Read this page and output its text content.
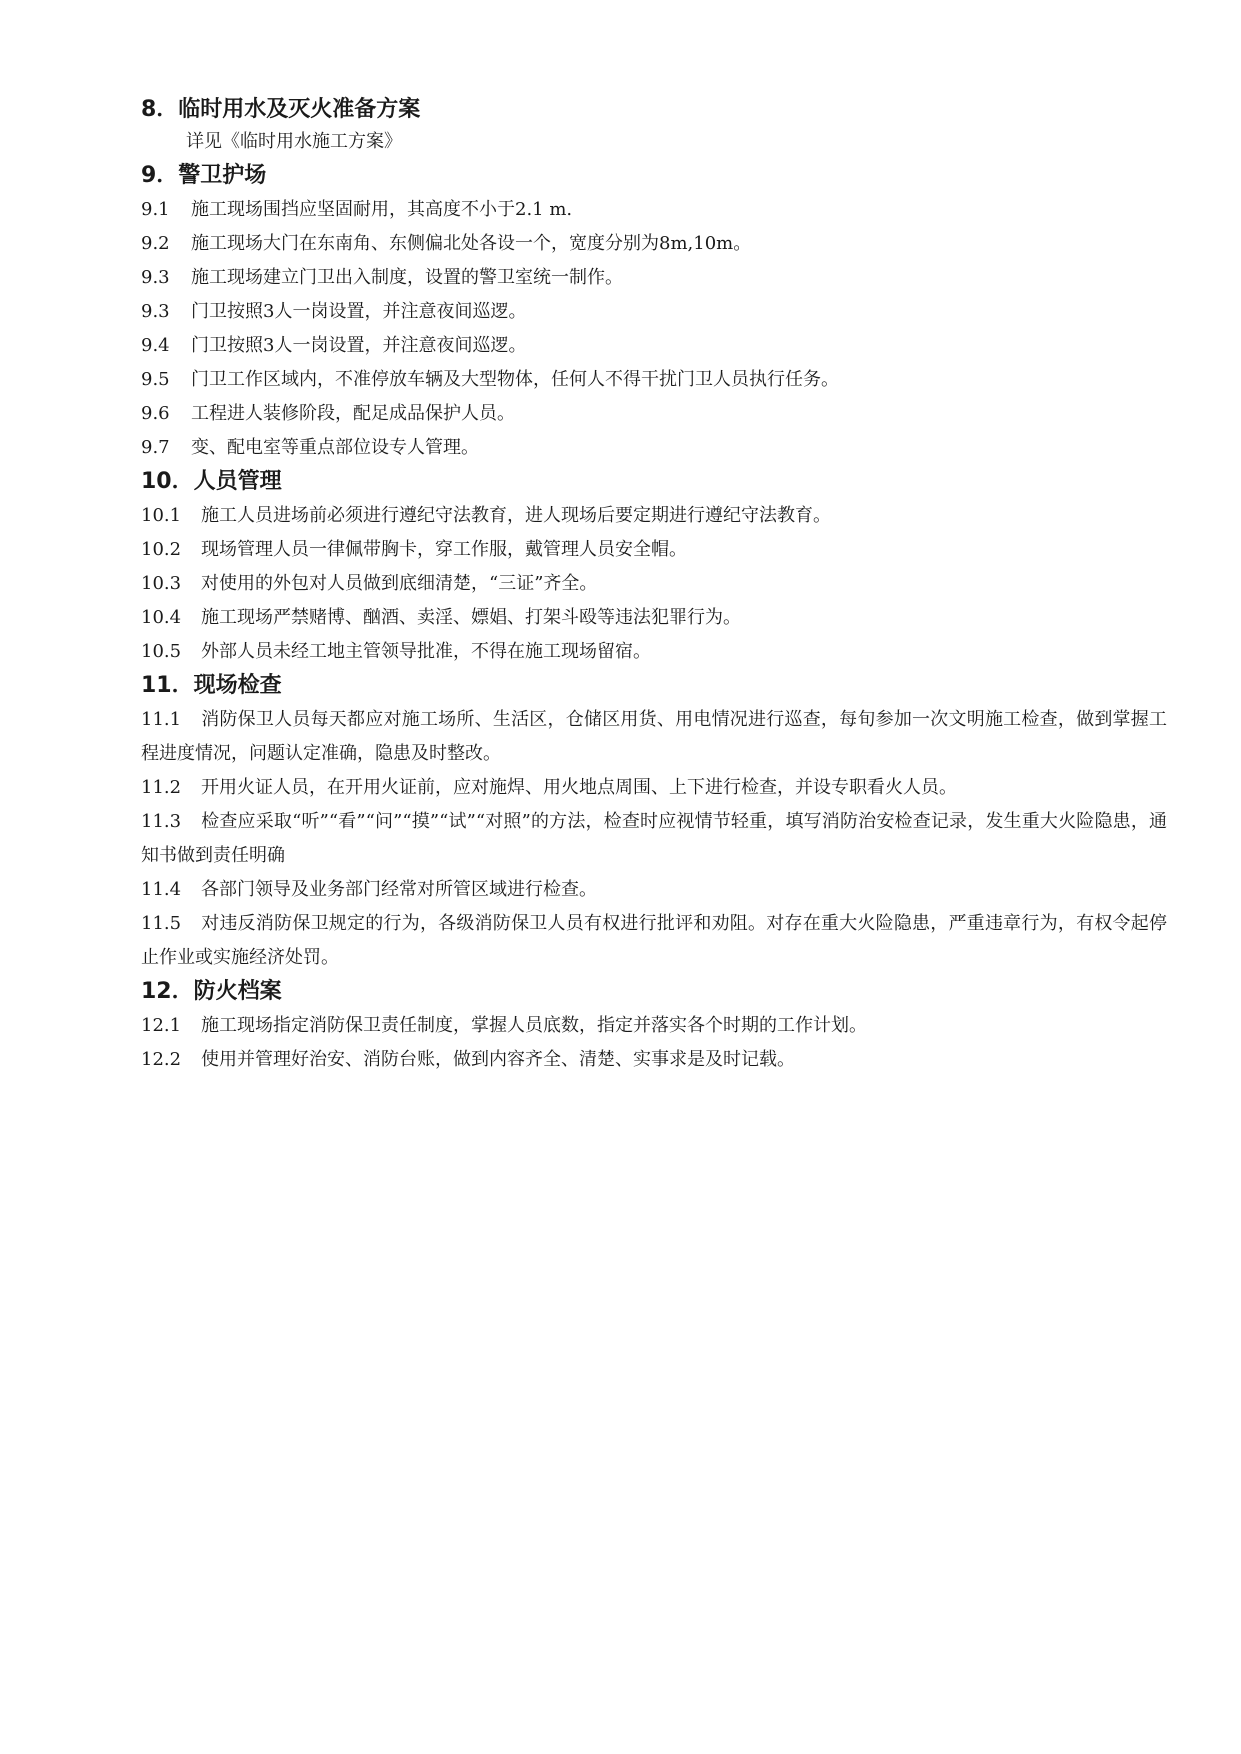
8．临时用水及灭火准备方案

详见《临时用水施工方案》

9．警卫护场

9.1 施工现场围挡应坚固耐用，其高度不小于2.1 m.

9.2 施工现场大门在东南角、东侧偏北处各设一个，宽度分别为8m,10m。

9.3 施工现场建立门卫出入制度，设置的警卫室统一制作。

9.3 门卫按照3人一岗设置，并注意夜间巡逻。

9.4 门卫按照3人一岗设置，并注意夜间巡逻。

9.5 门卫工作区域内，不准停放车辆及大型物体，任何人不得干扰门卫人员执行任务。

9.6 工程进人装修阶段，配足成品保护人员。

9.7 变、配电室等重点部位设专人管理。

10．人员管理

10.1 施工人员进场前必须进行遵纪守法教育，进人现场后要定期进行遵纪守法教育。

10.2 现场管理人员一律佩带胸卡，穿工作服，戴管理人员安全帽。

10.3 对使用的外包对人员做到底细清楚，“三证”齐全。

10.4 施工现场严禁赌博、酗酒、卖淫、嫖娼、打架斗殴等违法犯罪行为。

10.5 外部人员未经工地主管领导批准，不得在施工现场留宿。

11．现场检查

11.1 消防保卫人员每天都应对施工场所、生活区，仓储区用货、用电情况进行巡查，每旬参加一次文明施工检查，做到掌握工程进度情况，问题认定准确，隐患及时整改。

11.2 开用火证人员，在开用火证前，应对施焊、用火地点周围、上下进行检查，并设专职看火人员。

11.3 检查应采取“听”“看”“问”“摸”“试”“对照”的方法，检查时应视情节轻重，填写消防治安检查记录，发生重大火险隐患，通知书做到责任明确

11.4 各部门领导及业务部门经常对所管区域进行检查。

11.5 对违反消防保卫规定的行为，各级消防保卫人员有权进行批评和劝阻。对存在重大火险隐患，严重违章行为，有权令起停止作业或实施经济处罚。

12．防火档案

12.1 施工现场指定消防保卫责任制度，掌握人员底数，指定并落实各个时期的工作计划。

12.2 使用并管理好治安、消防台账，做到内容齐全、清楚、实事求是及时记载。
